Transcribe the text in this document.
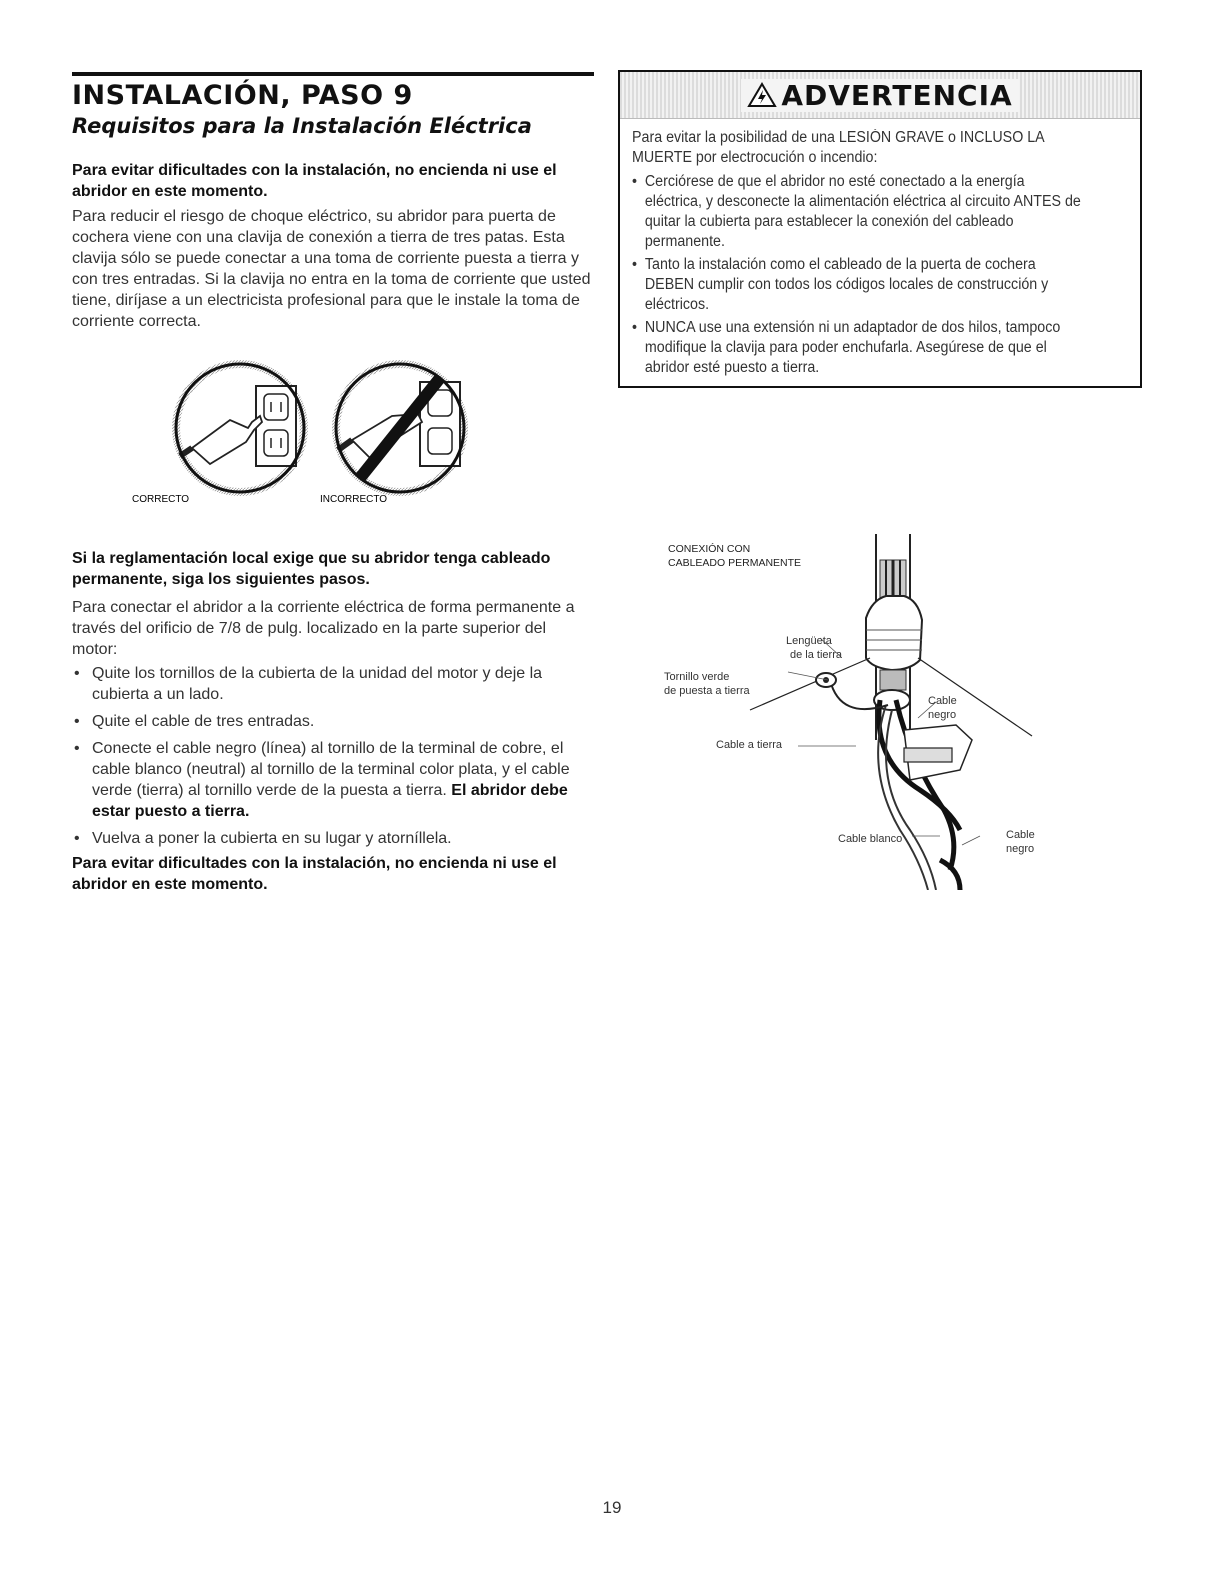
INSTALACIÓN, PASO 9
Requisitos para la Instalación Eléctrica

Para evitar dificultades con la instalación, no encienda ni use el abridor en este momento.

Para reducir el riesgo de choque eléctrico, su abridor para puerta de cochera viene con una clavija de conexión a tierra de tres patas. Esta clavija sólo se puede conectar a una toma de corriente puesta a tierra y con tres entradas. Si la clavija no entra en la toma de corriente que usted tiene, diríjase a un electricista profesional para que le instale la toma de corriente correcta.

CORRECTO	INCORRECTO
ADVERTENCIA

Para evitar la posibilidad de una LESIÓN GRAVE o INCLUSO LA MUERTE por electrocución o incendio:

• Cerciórese de que el abridor no esté conectado a la energía eléctrica, y desconecte la alimentación eléctrica al circuito ANTES de quitar la cubierta para establecer la conexión del cableado permanente.
• Tanto la instalación como el cableado de la puerta de cochera DEBEN cumplir con todos los códigos locales de construcción y eléctricos.
• NUNCA use una extensión ni un adaptador de dos hilos, tampoco modifique la clavija para poder enchufarla. Asegúrese de que el abridor esté puesto a tierra.

Si la reglamentación local exige que su abridor tenga cableado permanente, siga los siguientes pasos.

Para conectar el abridor a la corriente eléctrica de forma permanente a través del orificio de 7/8 de pulg. localizado en la parte superior del motor:

• Quite los tornillos de la cubierta de la unidad del motor y deje la cubierta a un lado.
• Quite el cable de tres entradas.
• Conecte el cable negro (línea) al tornillo de la terminal de cobre, el cable blanco (neutral) al tornillo de la terminal color plata, y el cable verde (tierra) al tornillo verde de la puesta a tierra. El abridor debe estar puesto a tierra.
• Vuelva a poner la cubierta en su lugar y atorníllela.

Para evitar dificultades con la instalación, no encienda ni use el abridor en este momento.

CONEXIÓN CON
CABLEADO PERMANENTE
Lengüeta
de la tierra
Tornillo verde
de puesta a tierra
Cable a tierra
Cable
negro
Cable blanco	Cable
negro
19
